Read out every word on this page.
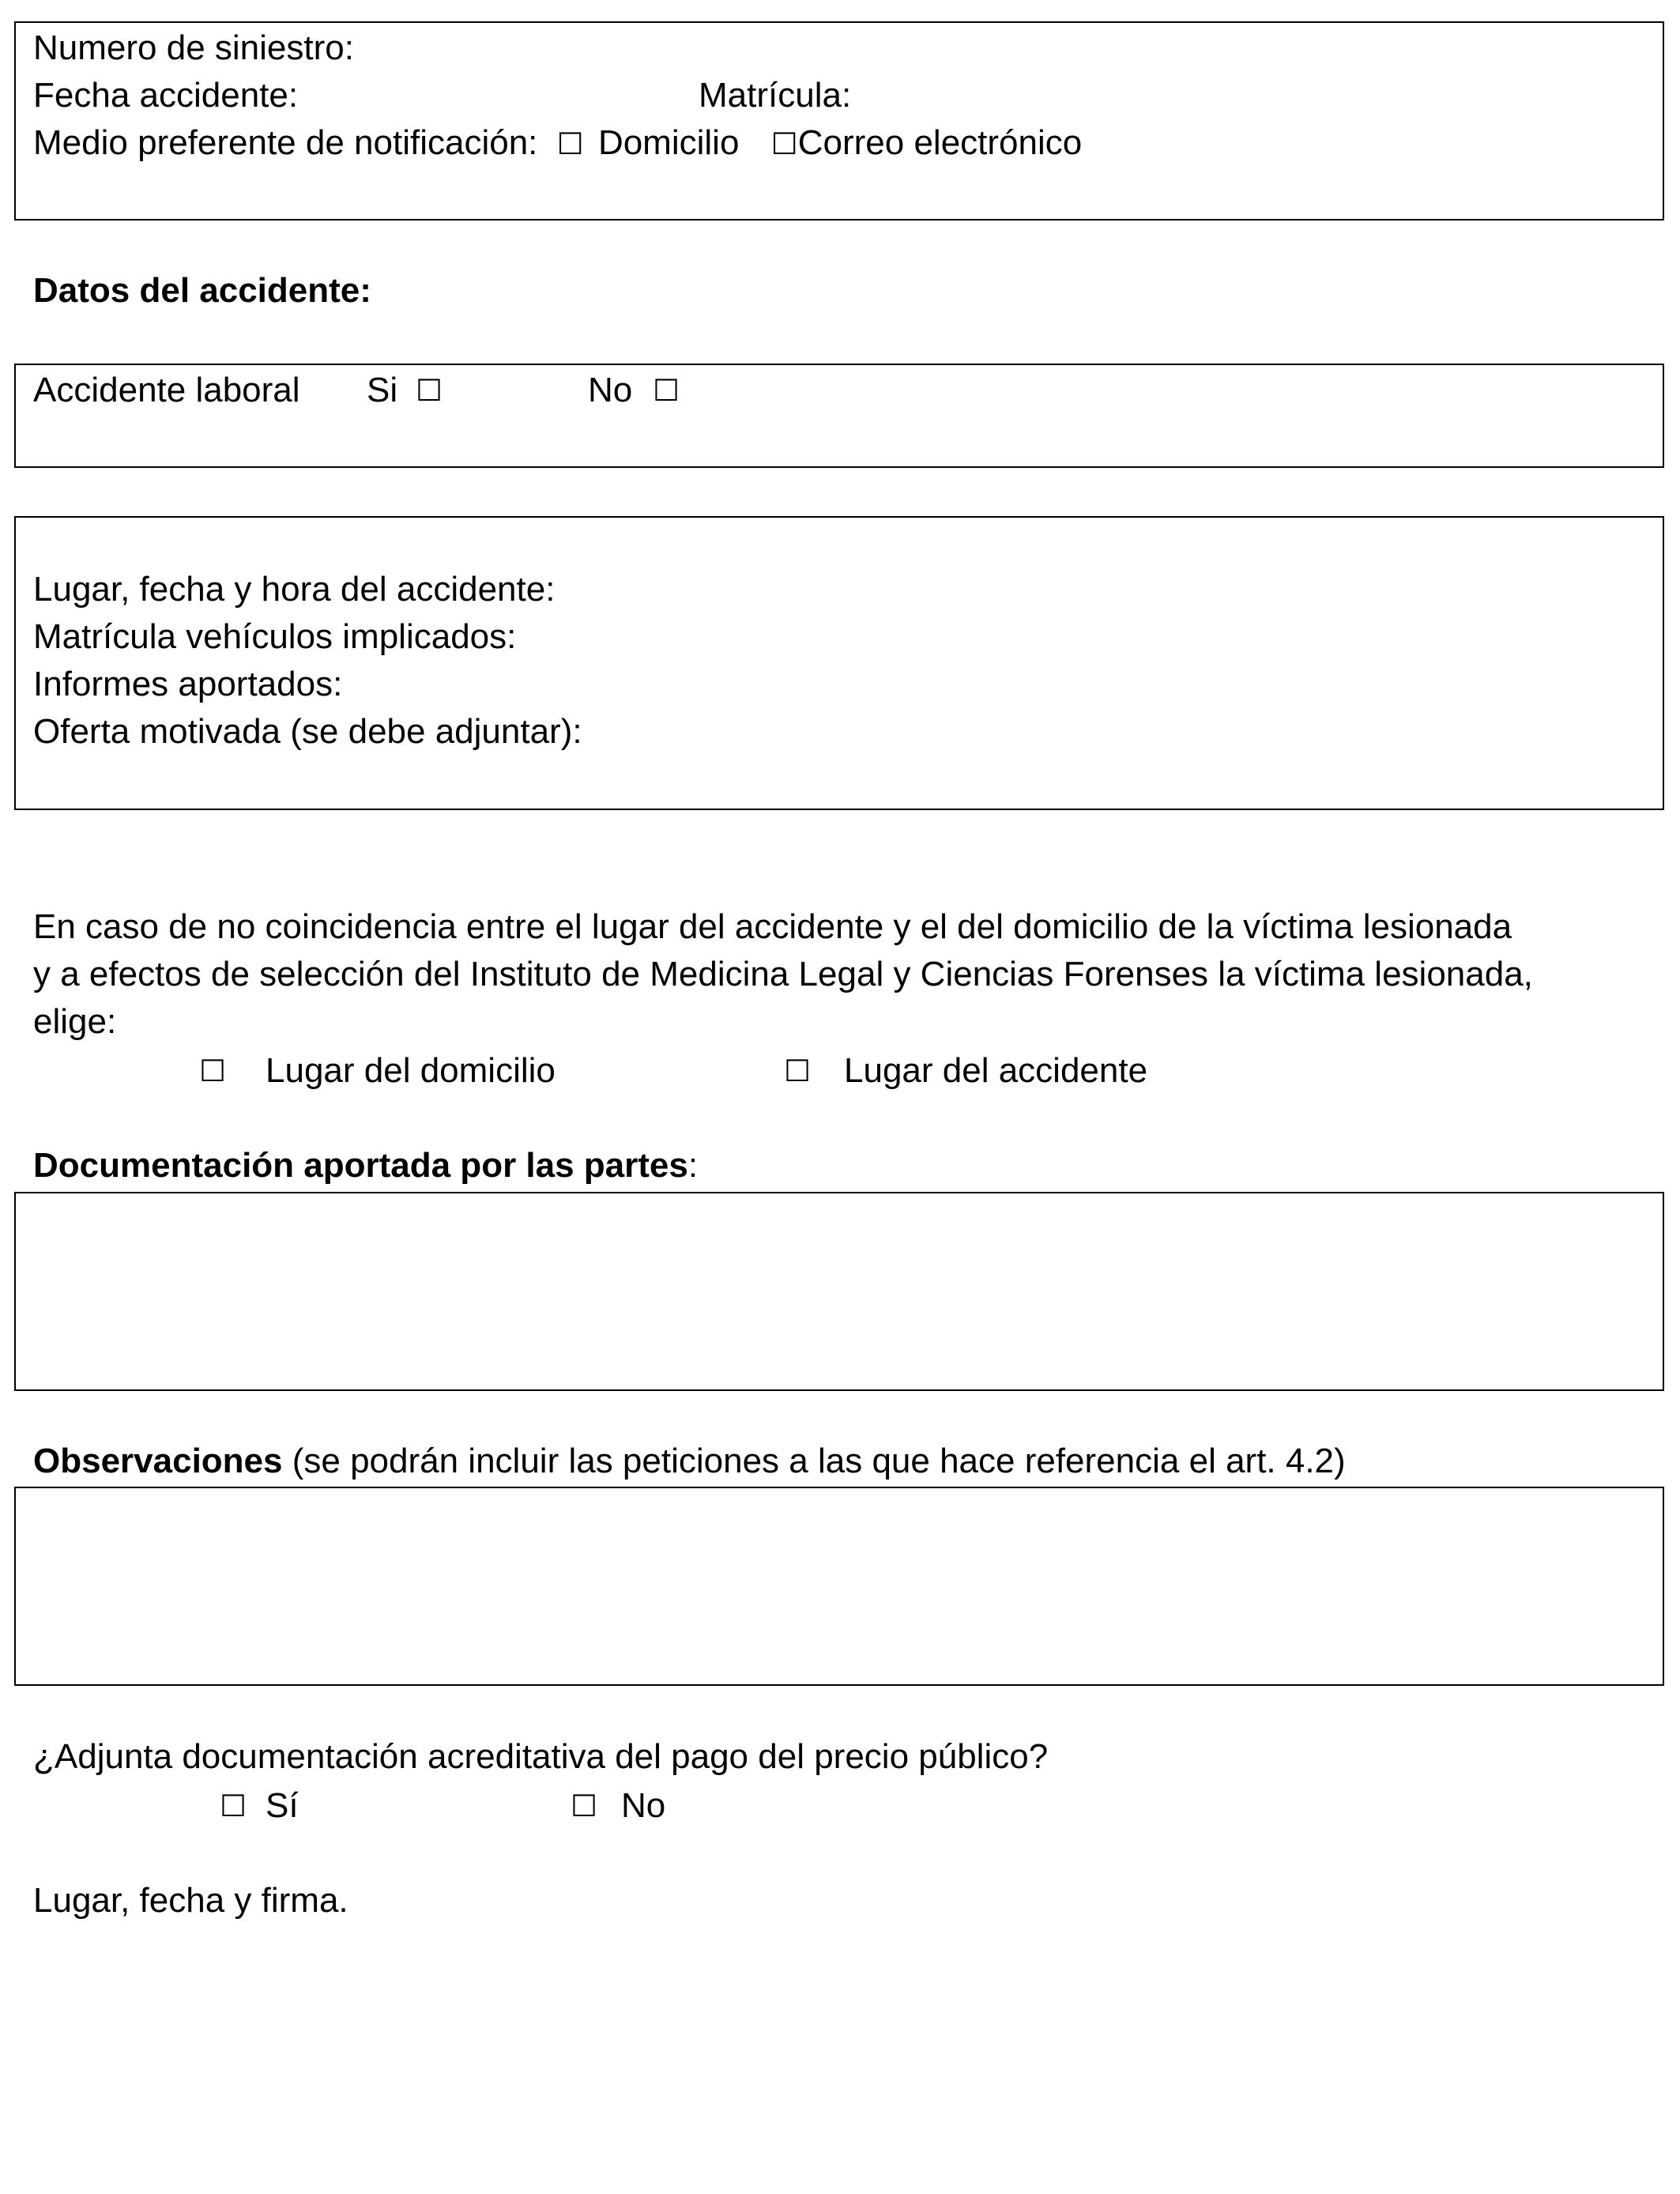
Numero de siniestro:
Fecha accidente:	Matrícula:
Medio preferente de notificación: ☐ Domicilio ☐Correo electrónico
Datos del accidente:
Accidente laboral Si ☐	No ☐
Lugar, fecha y hora del accidente:
Matrícula vehículos implicados:
Informes aportados:
Oferta motivada (se debe adjuntar):
En caso de no coincidencia entre el lugar del accidente y el del domicilio de la víctima lesionada
y a efectos de selección del Instituto de Medicina Legal y Ciencias Forenses la víctima lesionada,
elige:
☐ Lugar del domicilio	☐ Lugar del accidente
Documentación aportada por las partes:
Observaciones (se podrán incluir las peticiones a las que hace referencia el art. 4.2)
¿Adjunta documentación acreditativa del pago del precio público?
☐ Sí	☐ No
Lugar, fecha y firma.
